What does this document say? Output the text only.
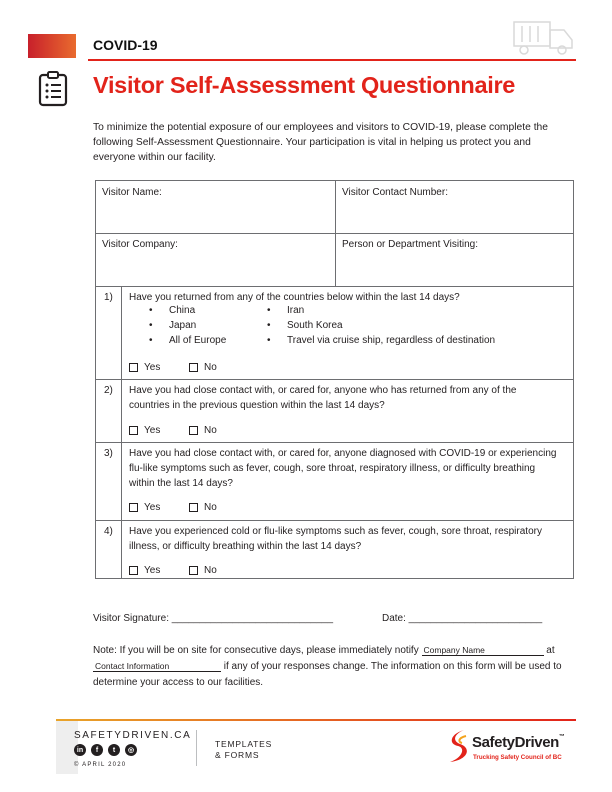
COVID-19
Visitor Self-Assessment Questionnaire
To minimize the potential exposure of our employees and visitors to COVID-19, please complete the following Self-Assessment Questionnaire. Your participation is vital in helping us protect you and everyone within our facility.
Visitor Name:	Visitor Contact Number:
Visitor Company:	Person or Department Visiting:
1) Have you returned from any of the countries below within the last 14 days?
• China
• Japan
• All of Europe
• Iran
• South Korea
• Travel via cruise ship, regardless of destination
Yes	No
2) Have you had close contact with, or cared for, anyone who has returned from any of the countries in the previous question within the last 14 days?
Yes	No
3) Have you had close contact with, or cared for, anyone diagnosed with COVID-19 or experiencing flu-like symptoms such as fever, cough, sore throat, respiratory illness, or difficulty breathing within the last 14 days?
Yes	No
4) Have you experienced cold or flu-like symptoms such as fever, cough, sore throat, respiratory illness, or difficulty breathing within the last 14 days?
Yes	No
Visitor Signature: _____________________________	Date: ________________________
Note: If you will be on site for consecutive days, please immediately notify Company Name	at
Contact Information	if any of your responses change. The information on this form will be used to determine your access to our facilities.
SAFETYDRIVEN.CA
in	f	t	◎
© APRIL 2020
TEMPLATES
& FORMS
SafetyDriven™
Trucking Safety Council of BC
